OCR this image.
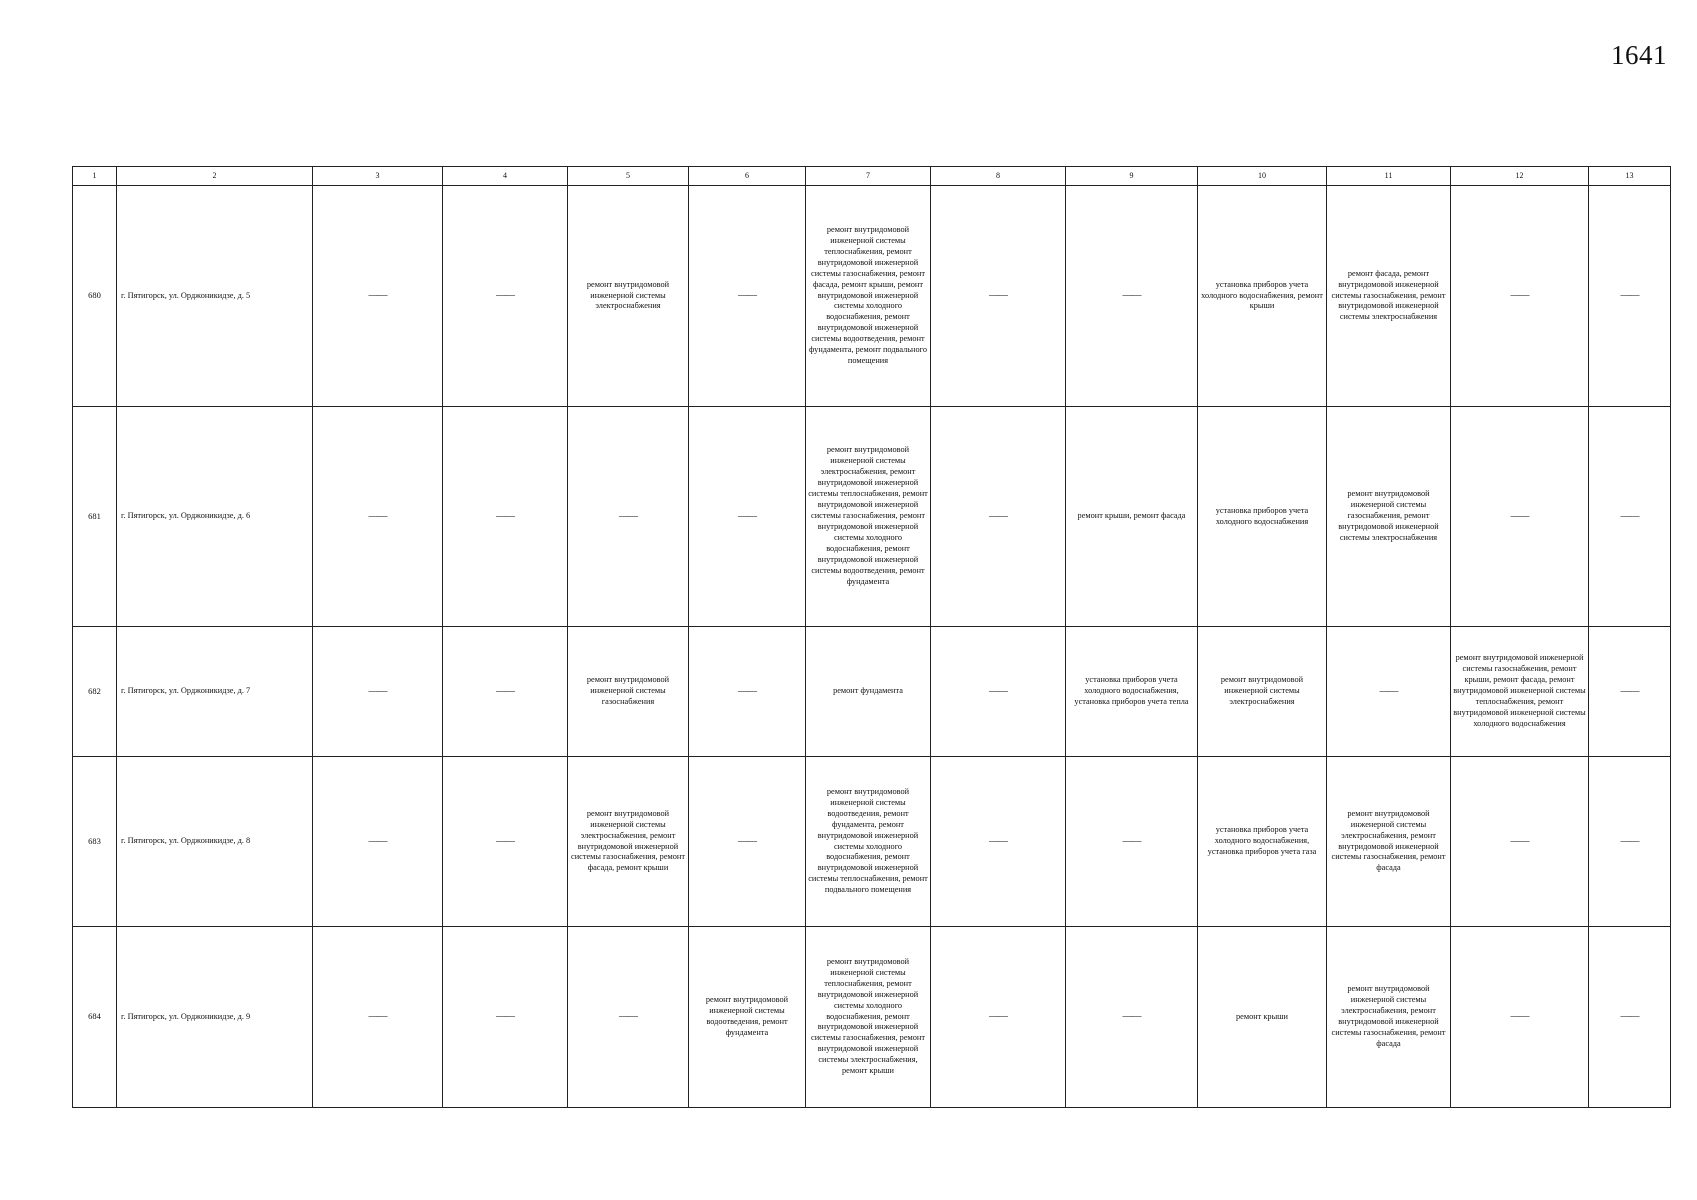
1641
1	2	3	4	5	6	7	8	9	10	11	12	13
680	г. Пятигорск, ул. Орджоникидзе, д. 5	——	——	ремонт внутридомовой инженерной системы электроснабжения	——	ремонт внутридомовой инженерной системы теплоснабжения, ремонт внутридомовой инженерной системы газоснабжения, ремонт фасада, ремонт крыши, ремонт внутридомовой инженерной системы холодного водоснабжения, ремонт внутридомовой инженерной системы водоотведения, ремонт фундамента, ремонт подвального помещения	——	——	установка приборов учета холодного водоснабжения, ремонт крыши	ремонт фасада, ремонт внутридомовой инженерной системы газоснабжения, ремонт внутридомовой инженерной системы электроснабжения	——	——
681	г. Пятигорск, ул. Орджоникидзе, д. 6	——	——	——	——	ремонт внутридомовой инженерной системы электроснабжения, ремонт внутридомовой инженерной системы теплоснабжения, ремонт внутридомовой инженерной системы газоснабжения, ремонт внутридомовой инженерной системы холодного водоснабжения, ремонт внутридомовой инженерной системы водоотведения, ремонт фундамента	——	ремонт крыши, ремонт фасада	установка приборов учета холодного водоснабжения	ремонт внутридомовой инженерной системы газоснабжения, ремонт внутридомовой инженерной системы электроснабжения	——	——
682	г. Пятигорск, ул. Орджоникидзе, д. 7	——	——	ремонт внутридомовой инженерной системы газоснабжения	——	ремонт фундамента	——	установка приборов учета холодного водоснабжения, установка приборов учета тепла	ремонт внутридомовой инженерной системы электроснабжения	——	ремонт внутридомовой инженерной системы газоснабжения, ремонт крыши, ремонт фасада, ремонт внутридомовой инженерной системы теплоснабжения, ремонт внутридомовой инженерной системы холодного водоснабжения	——
683	г. Пятигорск, ул. Орджоникидзе, д. 8	——	——	ремонт внутридомовой инженерной системы электроснабжения, ремонт внутридомовой инженерной системы газоснабжения, ремонт фасада, ремонт крыши	——	ремонт внутридомовой инженерной системы водоотведения, ремонт фундамента, ремонт внутридомовой инженерной системы холодного водоснабжения, ремонт внутридомовой инженерной системы теплоснабжения, ремонт подвального помещения	——	——	установка приборов учета холодного водоснабжения, установка приборов учета газа	ремонт внутридомовой инженерной системы электроснабжения, ремонт внутридомовой инженерной системы газоснабжения, ремонт фасада	——	——
684	г. Пятигорск, ул. Орджоникидзе, д. 9	——	——	——	ремонт внутридомовой инженерной системы водоотведения, ремонт фундамента	ремонт внутридомовой инженерной системы теплоснабжения, ремонт внутридомовой инженерной системы холодного водоснабжения, ремонт внутридомовой инженерной системы газоснабжения, ремонт внутридомовой инженерной системы электроснабжения, ремонт крыши	——	——	ремонт крыши	ремонт внутридомовой инженерной системы электроснабжения, ремонт внутридомовой инженерной системы газоснабжения, ремонт фасада	——	——
